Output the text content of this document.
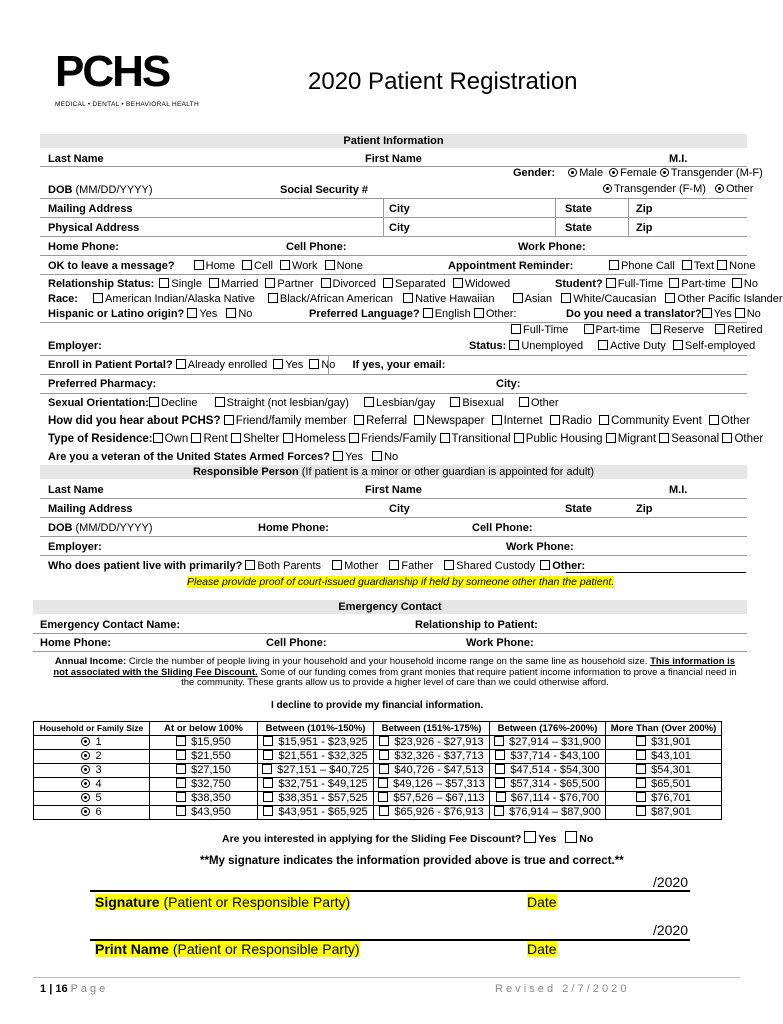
PCHS
MEDICAL • DENTAL • BEHAVIORAL HEALTH
2020 Patient Registration
Patient Information
Last Name	First Name	M.I.
Gender: Male Female Transgender (M-F)
DOB (MM/DD/YYYY)	Social Security #	Transgender (F-M) Other
Mailing Address	City	State	Zip
Physical Address	City	State	Zip
Home Phone:	Cell Phone:	Work Phone:
OK to leave a message?	Home Cell Work None	Appointment Reminder:	Phone Call Text None
Relationship Status: Single Married Partner Divorced Separated Widowed	Student? Full-Time Part-time No
Race: American Indian/Alaska Native Black/African American Native Hawaiian	Asian White/Caucasian Other Pacific Islander
Hispanic or Latino origin? Yes No	Preferred Language? English Other:	Do you need a translator? Yes No
Full-Time Part-time Reserve Retired
Employer:	Status: Unemployed Active Duty Self-employed
Enroll in Patient Portal? Already enrolled Yes No If yes, your email:
Preferred Pharmacy:	City:
Sexual Orientation: Decline	Straight (not lesbian/gay) Lesbian/gay Bisexual Other
How did you hear about PCHS? Friend/family member Referral Newspaper Internet Radio Community Event Other
Type of Residence: Own Rent Shelter Homeless Friends/Family Transitional Public Housing Migrant Seasonal Other
Are you a veteran of the United States Armed Forces? Yes No
Responsible Person (If patient is a minor or other guardian is appointed for adult)
Last Name	First Name	M.I.
Mailing Address	City	State	Zip
DOB (MM/DD/YYYY)	Home Phone:	Cell Phone:
Employer:	Work Phone:
Who does patient live with primarily? Both Parents Mother Father Shared Custody Other:
Please provide proof of court-issued guardianship if held by someone other than the patient.
Emergency Contact
Emergency Contact Name:	Relationship to Patient:
Home Phone:	Cell Phone:	Work Phone:
Annual Income: Circle the number of people living in your household and your household income range on the same line as household size. This information is not associated with the Sliding Fee Discount. Some of our funding comes from grant monies that require patient income information to prove a financial need in the community. These grants allow us to provide a higher level of care than we could otherwise afford.
I decline to provide my financial information.
Household or Family Size	At or below 100%	Between (101%-150%)	Between (151%-175%)	Between (176%-200%)	More Than (Over 200%)
1	$15,950	$15,951 - $23,925	$23,926 - $27,913	$27,914 – $31,900	$31,901
2	$21,550	$21,551 - $32,325	$32,326 - $37,713	$37,714 - $43,100	$43,101
3	$27,150	$27,151 – $40,725	$40,726 - $47,513	$47,514 - $54,300	$54,301
4	$32,750	$32,751 - $49,125	$49,126 – $57,313	$57,314 - $65,500	$65,501
5	$38,350	$38,351 - $57,525	$57,526 – $67,113	$67,114 - $76,700	$76,701
6	$43,950	$43,951 - $65,925	$65,926 - $76,913	$76,914 – $87,900	$87,901
Are you interested in applying for the Sliding Fee Discount? Yes No
**My signature indicates the information provided above is true and correct.**
/2020
Signature (Patient or Responsible Party)	Date
/2020
Print Name (Patient or Responsible Party)	Date
1 | 16 P a g e	R e v i s e d   2 / 7 / 2 0 2 0
